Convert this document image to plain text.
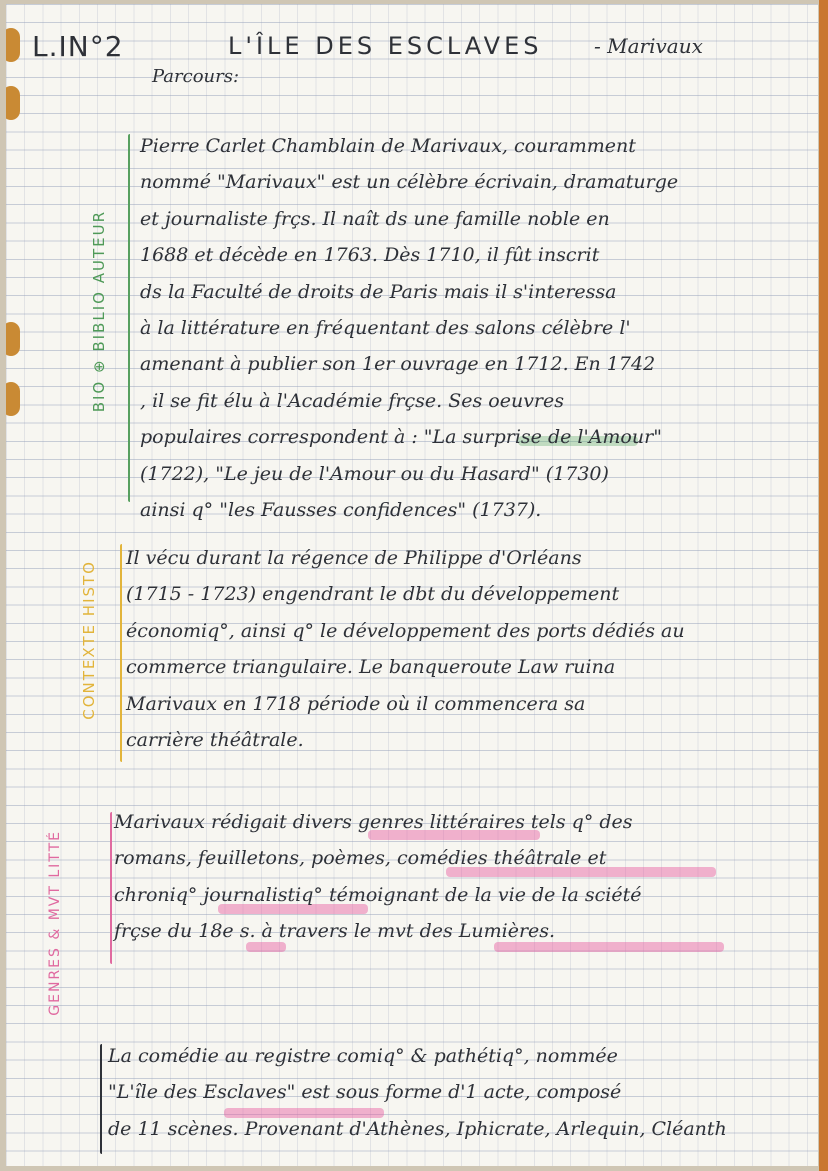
L.IN°2	L'ÎLE DES ESCLAVES	- Marivaux
Parcours:
BIO ⊕ BIBLIO AUTEUR
CONTEXTE HISTO
GENRES & MVT LITTÉ
Pierre Carlet Chamblain de Marivaux, couramment
nommé "Marivaux" est un célèbre écrivain, dramaturge
et journaliste frçs. Il naît ds une famille noble en
1688 et décède en 1763. Dès 1710, il fût inscrit
ds la Faculté de droits de Paris mais il s'interessa
à la littérature en fréquentant des salons célèbre l'
amenant à publier son 1er ouvrage en 1712. En 1742
, il se fit élu à l'Académie frçse. Ses oeuvres
populaires correspondent à : "La surprise de l'Amour"
(1722), "Le jeu de l'Amour ou du Hasard" (1730)
ainsi q° "les Fausses confidences" (1737).
Il vécu durant la régence de Philippe d'Orléans
(1715 - 1723) engendrant le dbt du développement
économiq°, ainsi q° le développement des ports dédiés au
commerce triangulaire. Le banqueroute Law ruina
Marivaux en 1718 période où il commencera sa
carrière théâtrale.
Marivaux rédigait divers genres littéraires tels q° des
romans, feuilletons, poèmes, comédies théâtrale et
chroniq° journalistiq° témoignant de la vie de la sciété
frçse du 18e s. à travers le mvt des Lumières.
La comédie au registre comiq° & pathétiq°, nommée
"L'île des Esclaves" est sous forme d'1 acte, composé
de 11 scènes. Provenant d'Athènes, Iphicrate, Arlequin, Cléanth
